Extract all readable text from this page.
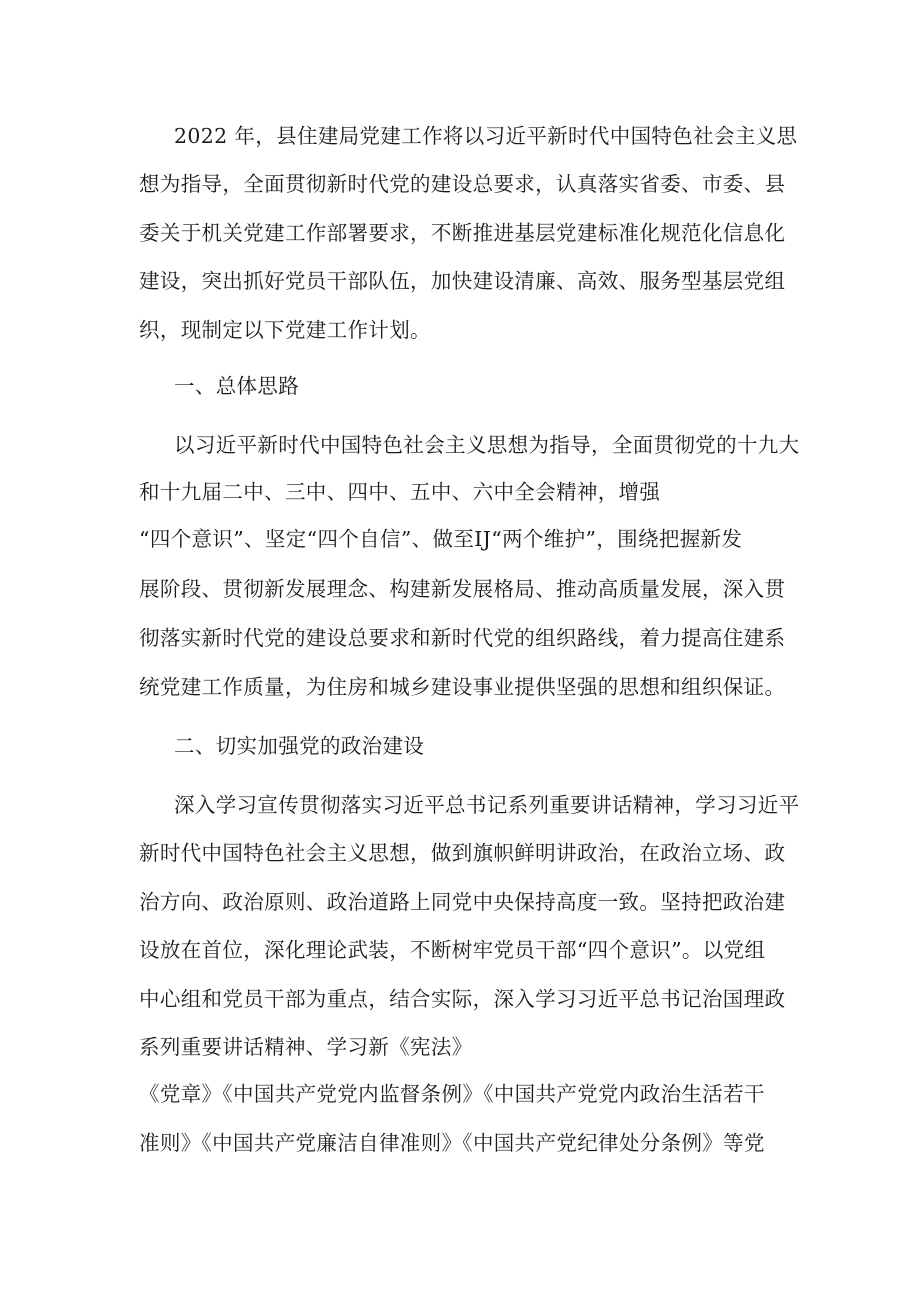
2022 年，县住建局党建工作将以习近平新时代中国特色社会主义思
想为指导，全面贯彻新时代党的建设总要求，认真落实省委、市委、县
委关于机关党建工作部署要求，不断推进基层党建标准化规范化信息化
建设，突出抓好党员干部队伍，加快建设清廉、高效、服务型基层党组
织，现制定以下党建工作计划。
一、总体思路
以习近平新时代中国特色社会主义思想为指导，全面贯彻党的十九大
和十九届二中、三中、四中、五中、六中全会精神，增强
“四个意识”、坚定“四个自信”、做至IJ“两个维护”，围绕把握新发
展阶段、贯彻新发展理念、构建新发展格局、推动高质量发展，深入贯
彻落实新时代党的建设总要求和新时代党的组织路线，着力提高住建系
统党建工作质量，为住房和城乡建设事业提供坚强的思想和组织保证。
二、切实加强党的政治建设
深入学习宣传贯彻落实习近平总书记系列重要讲话精神，学习习近平
新时代中国特色社会主义思想，做到旗帜鲜明讲政治，在政治立场、政
治方向、政治原则、政治道路上同党中央保持高度一致。坚持把政治建
设放在首位，深化理论武装，不断树牢党员干部“四个意识”。以党组
中心组和党员干部为重点，结合实际，深入学习习近平总书记治国理政
系列重要讲话精神、学习新《宪法》
《党章》《中国共产党党内监督条例》《中国共产党党内政治生活若干
准则》《中国共产党廉洁自律准则》《中国共产党纪律处分条例》等党
